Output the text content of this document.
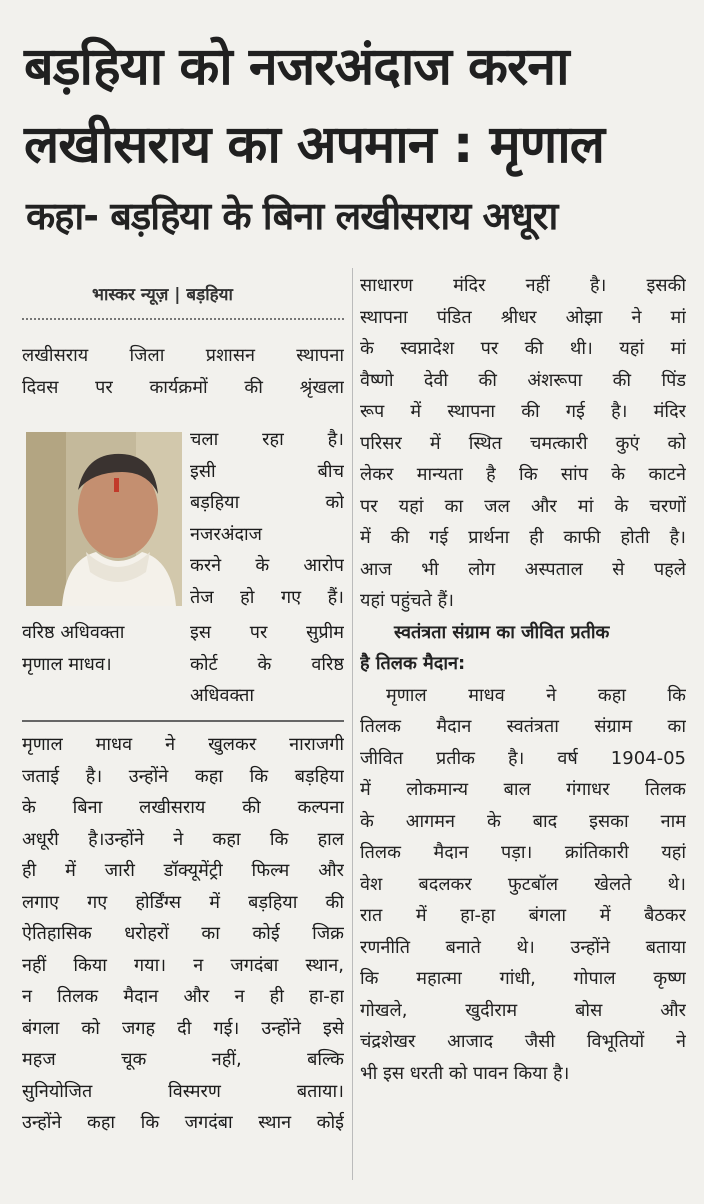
बड़हिया को नजरअंदाज करना
लखीसराय का अपमान : मृणाल
कहा- बड़हिया के बिना लखीसराय अधूरा
भास्कर न्यूज़ | बड़हिया
लखीसराय जिला प्रशासन स्थापना
दिवस पर कार्यक्रमों की श्रृंखला
चला रहा है।
इसी बीच
बड़हिया को
नजरअंदाज
करने के आरोप
तेज हो गए हैं।
वरिष्ठ अधिवक्ता
मृणाल माधव।
इस पर सुप्रीम
कोर्ट के वरिष्ठ
अधिवक्ता
मृणाल माधव ने खुलकर नाराजगी
जताई है। उन्होंने कहा कि बड़हिया
के बिना लखीसराय की कल्पना
अधूरी है।उन्होंने ने कहा कि हाल
ही में जारी डॉक्यूमेंट्री फिल्म और
लगाए गए होर्डिंग्स में बड़हिया की
ऐतिहासिक धरोहरों का कोई जिक्र
नहीं किया गया। न जगदंबा स्थान,
न तिलक मैदान और न ही हा-हा
बंगला को जगह दी गई। उन्होंने इसे
महज चूक नहीं, बल्कि
सुनियोजित विस्मरण बताया।
उन्होंने कहा कि जगदंबा स्थान कोई
साधारण मंदिर नहीं है। इसकी
स्थापना पंडित श्रीधर ओझा ने मां
के स्वप्नादेश पर की थी। यहां मां
वैष्णो देवी की अंशरूपा की पिंड
रूप में स्थापना की गई है। मंदिर
परिसर में स्थित चमत्कारी कुएं को
लेकर मान्यता है कि सांप के काटने
पर यहां का जल और मां के चरणों
में की गई प्रार्थना ही काफी होती है।
आज भी लोग अस्पताल से पहले
यहां पहुंचते हैं।
स्वतंत्रता संग्राम का जीवित प्रतीक
है तिलक मैदान:
मृणाल माधव ने कहा कि
तिलक मैदान स्वतंत्रता संग्राम का
जीवित प्रतीक है। वर्ष 1904-05
में लोकमान्य बाल गंगाधर तिलक
के आगमन के बाद इसका नाम
तिलक मैदान पड़ा। क्रांतिकारी यहां
वेश बदलकर फुटबॉल खेलते थे।
रात में हा-हा बंगला में बैठकर
रणनीति बनाते थे। उन्होंने बताया
कि महात्मा गांधी, गोपाल कृष्ण
गोखले, खुदीराम बोस और
चंद्रशेखर आजाद जैसी विभूतियों ने
भी इस धरती को पावन किया है।
